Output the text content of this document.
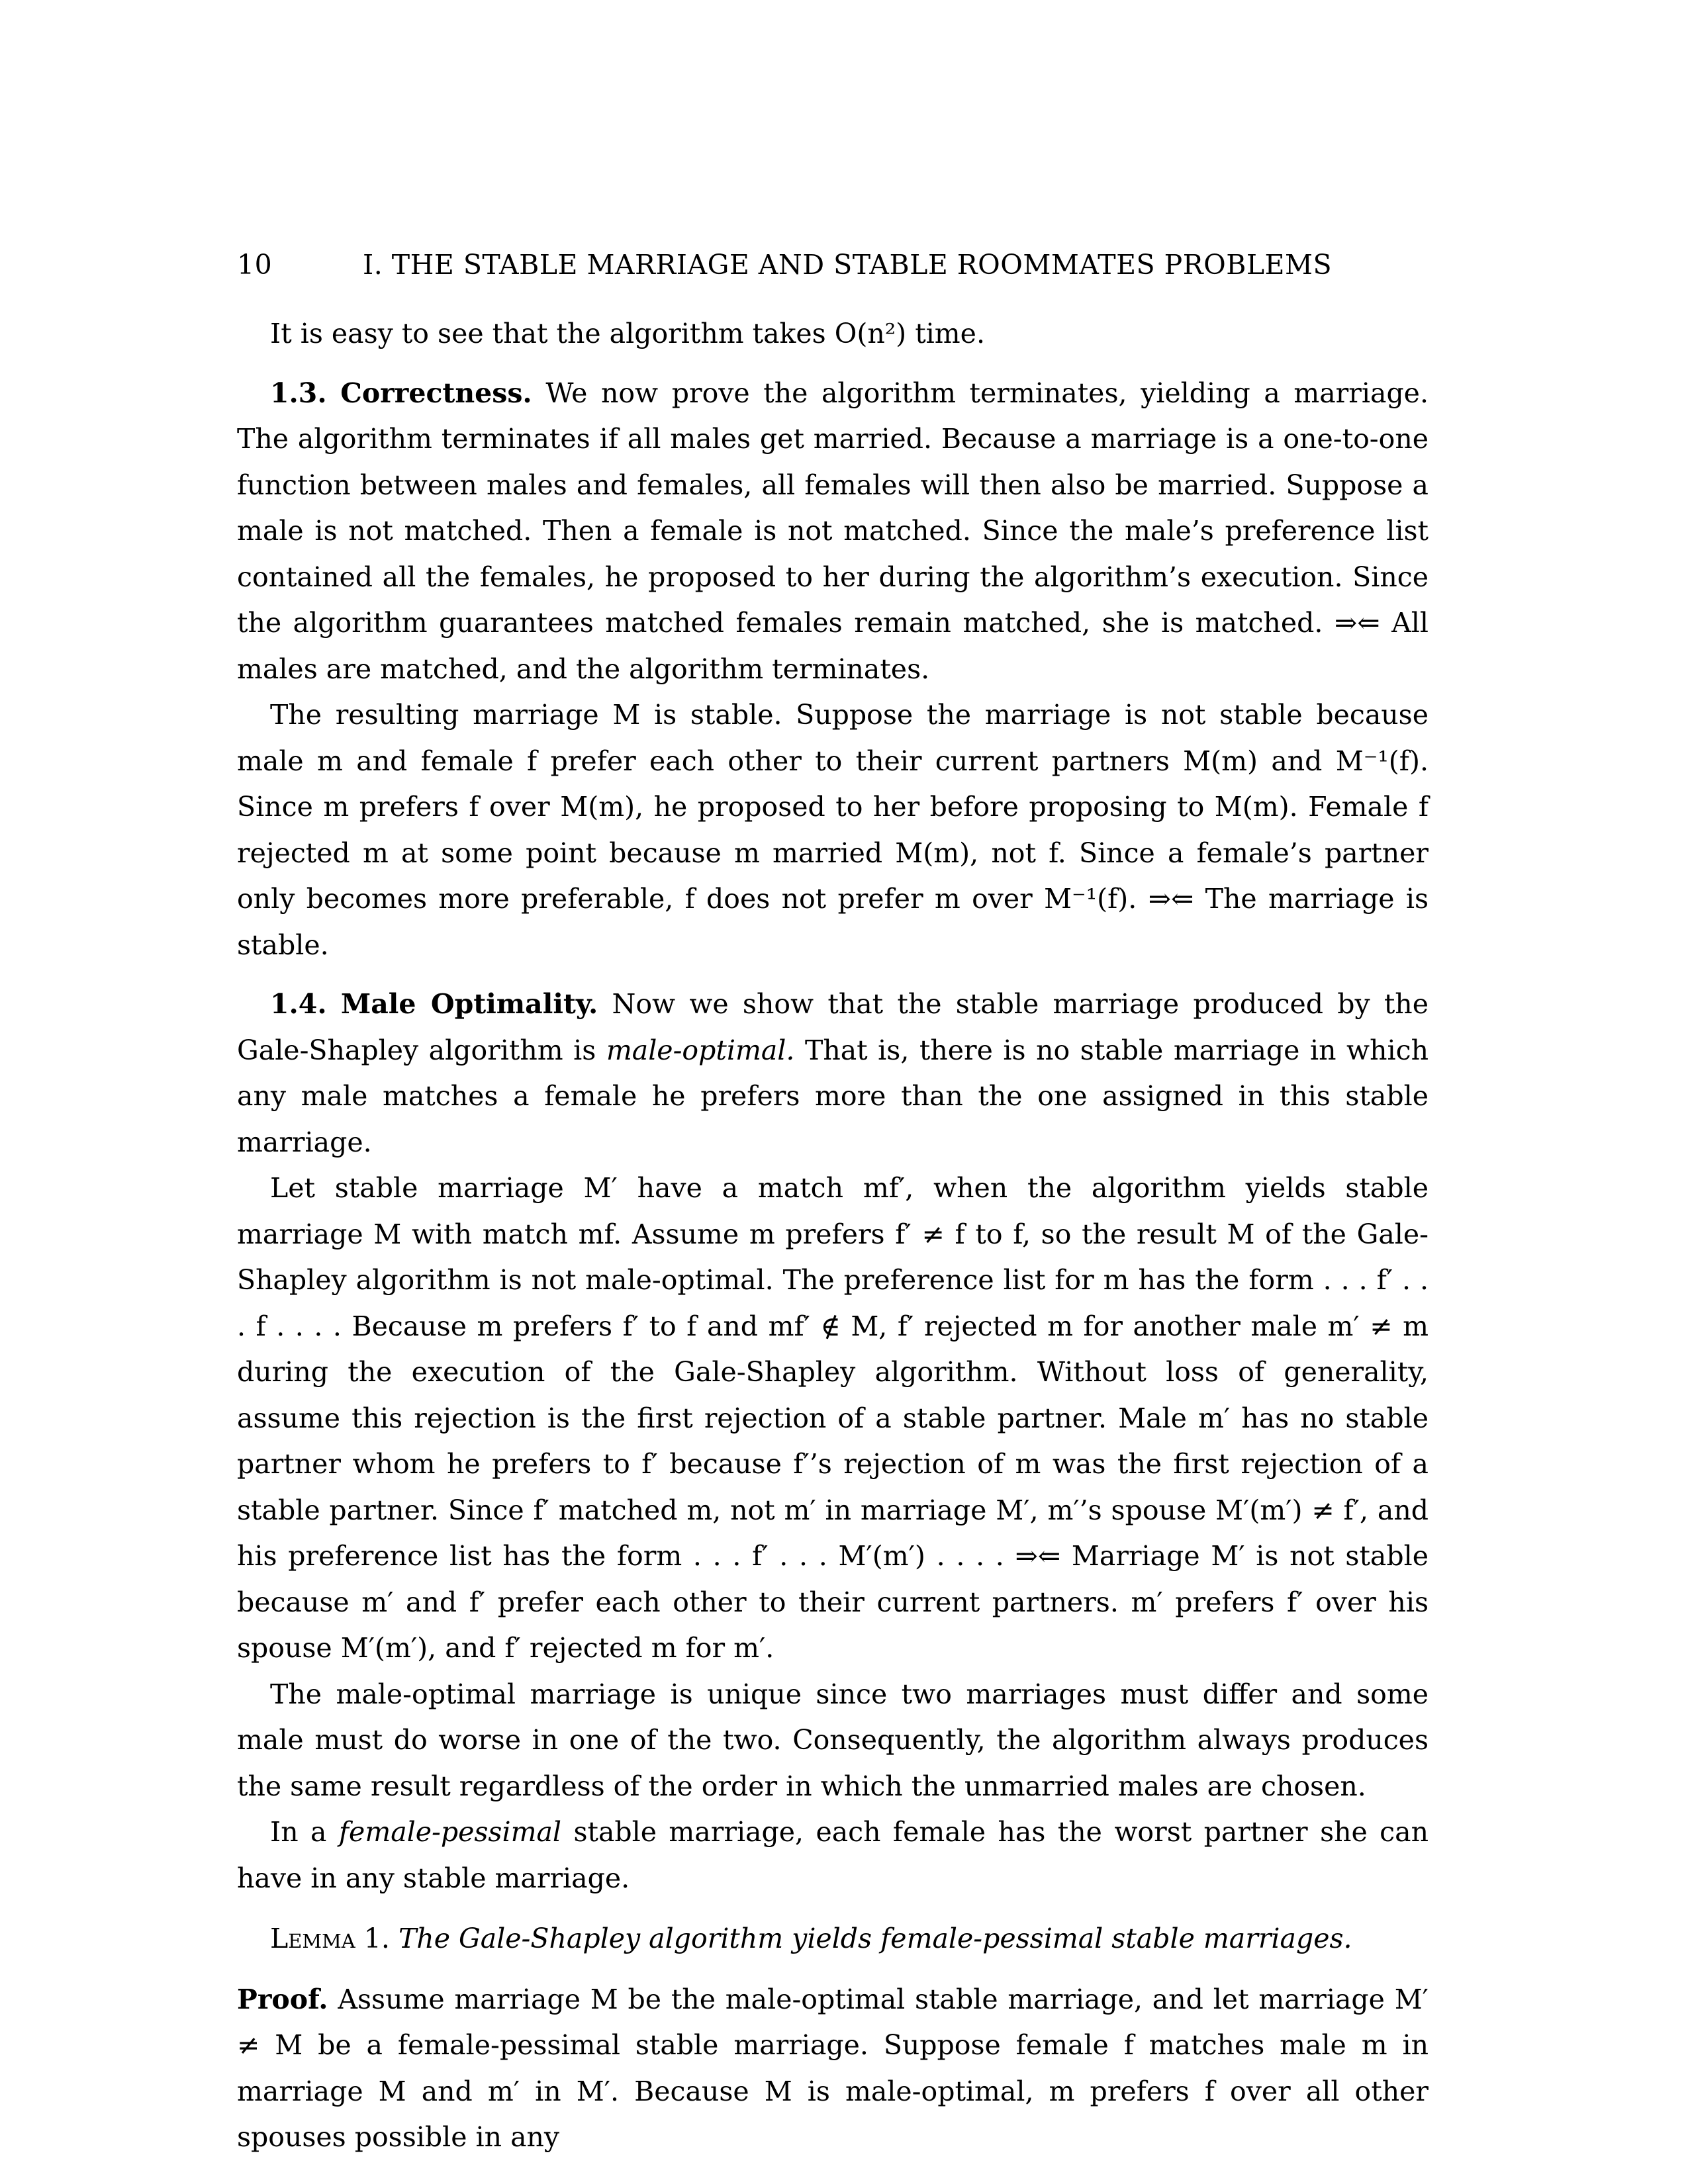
10	I. THE STABLE MARRIAGE AND STABLE ROOMMATES PROBLEMS

It is easy to see that the algorithm takes O(n²) time.

1.3. Correctness. We now prove the algorithm terminates, yielding a marriage. The algorithm terminates if all males get married. Because a marriage is a one-to-one function between males and females, all females will then also be married. Suppose a male is not matched. Then a female is not matched. Since the male’s preference list contained all the females, he proposed to her during the algorithm’s execution. Since the algorithm guarantees matched females remain matched, she is matched. ⇒⇐ All males are matched, and the algorithm terminates.

The resulting marriage M is stable. Suppose the marriage is not stable because male m and female f prefer each other to their current partners M(m) and M⁻¹(f). Since m prefers f over M(m), he proposed to her before proposing to M(m). Female f rejected m at some point because m married M(m), not f. Since a female’s partner only becomes more preferable, f does not prefer m over M⁻¹(f). ⇒⇐ The marriage is stable.

1.4. Male Optimality. Now we show that the stable marriage produced by the Gale-Shapley algorithm is male-optimal. That is, there is no stable marriage in which any male matches a female he prefers more than the one assigned in this stable marriage.

Let stable marriage M′ have a match mf′, when the algorithm yields stable marriage M with match mf. Assume m prefers f′ ≠ f to f, so the result M of the Gale-Shapley algorithm is not male-optimal. The preference list for m has the form . . . f′ . . . f . . . . Because m prefers f′ to f and mf′ ∉ M, f′ rejected m for another male m′ ≠ m during the execution of the Gale-Shapley algorithm. Without loss of generality, assume this rejection is the first rejection of a stable partner. Male m′ has no stable partner whom he prefers to f′ because f′’s rejection of m was the first rejection of a stable partner. Since f′ matched m, not m′ in marriage M′, m′’s spouse M′(m′) ≠ f′, and his preference list has the form . . . f′ . . . M′(m′) . . . . ⇒⇐ Marriage M′ is not stable because m′ and f′ prefer each other to their current partners. m′ prefers f′ over his spouse M′(m′), and f′ rejected m for m′.

The male-optimal marriage is unique since two marriages must differ and some male must do worse in one of the two. Consequently, the algorithm always produces the same result regardless of the order in which the unmarried males are chosen.

In a female-pessimal stable marriage, each female has the worst partner she can have in any stable marriage.

Lemma 1. The Gale-Shapley algorithm yields female-pessimal stable marriages.

Proof. Assume marriage M be the male-optimal stable marriage, and let marriage M′ ≠ M be a female-pessimal stable marriage. Suppose female f matches male m in marriage M and m′ in M′. Because M is male-optimal, m prefers f over all other spouses possible in any
